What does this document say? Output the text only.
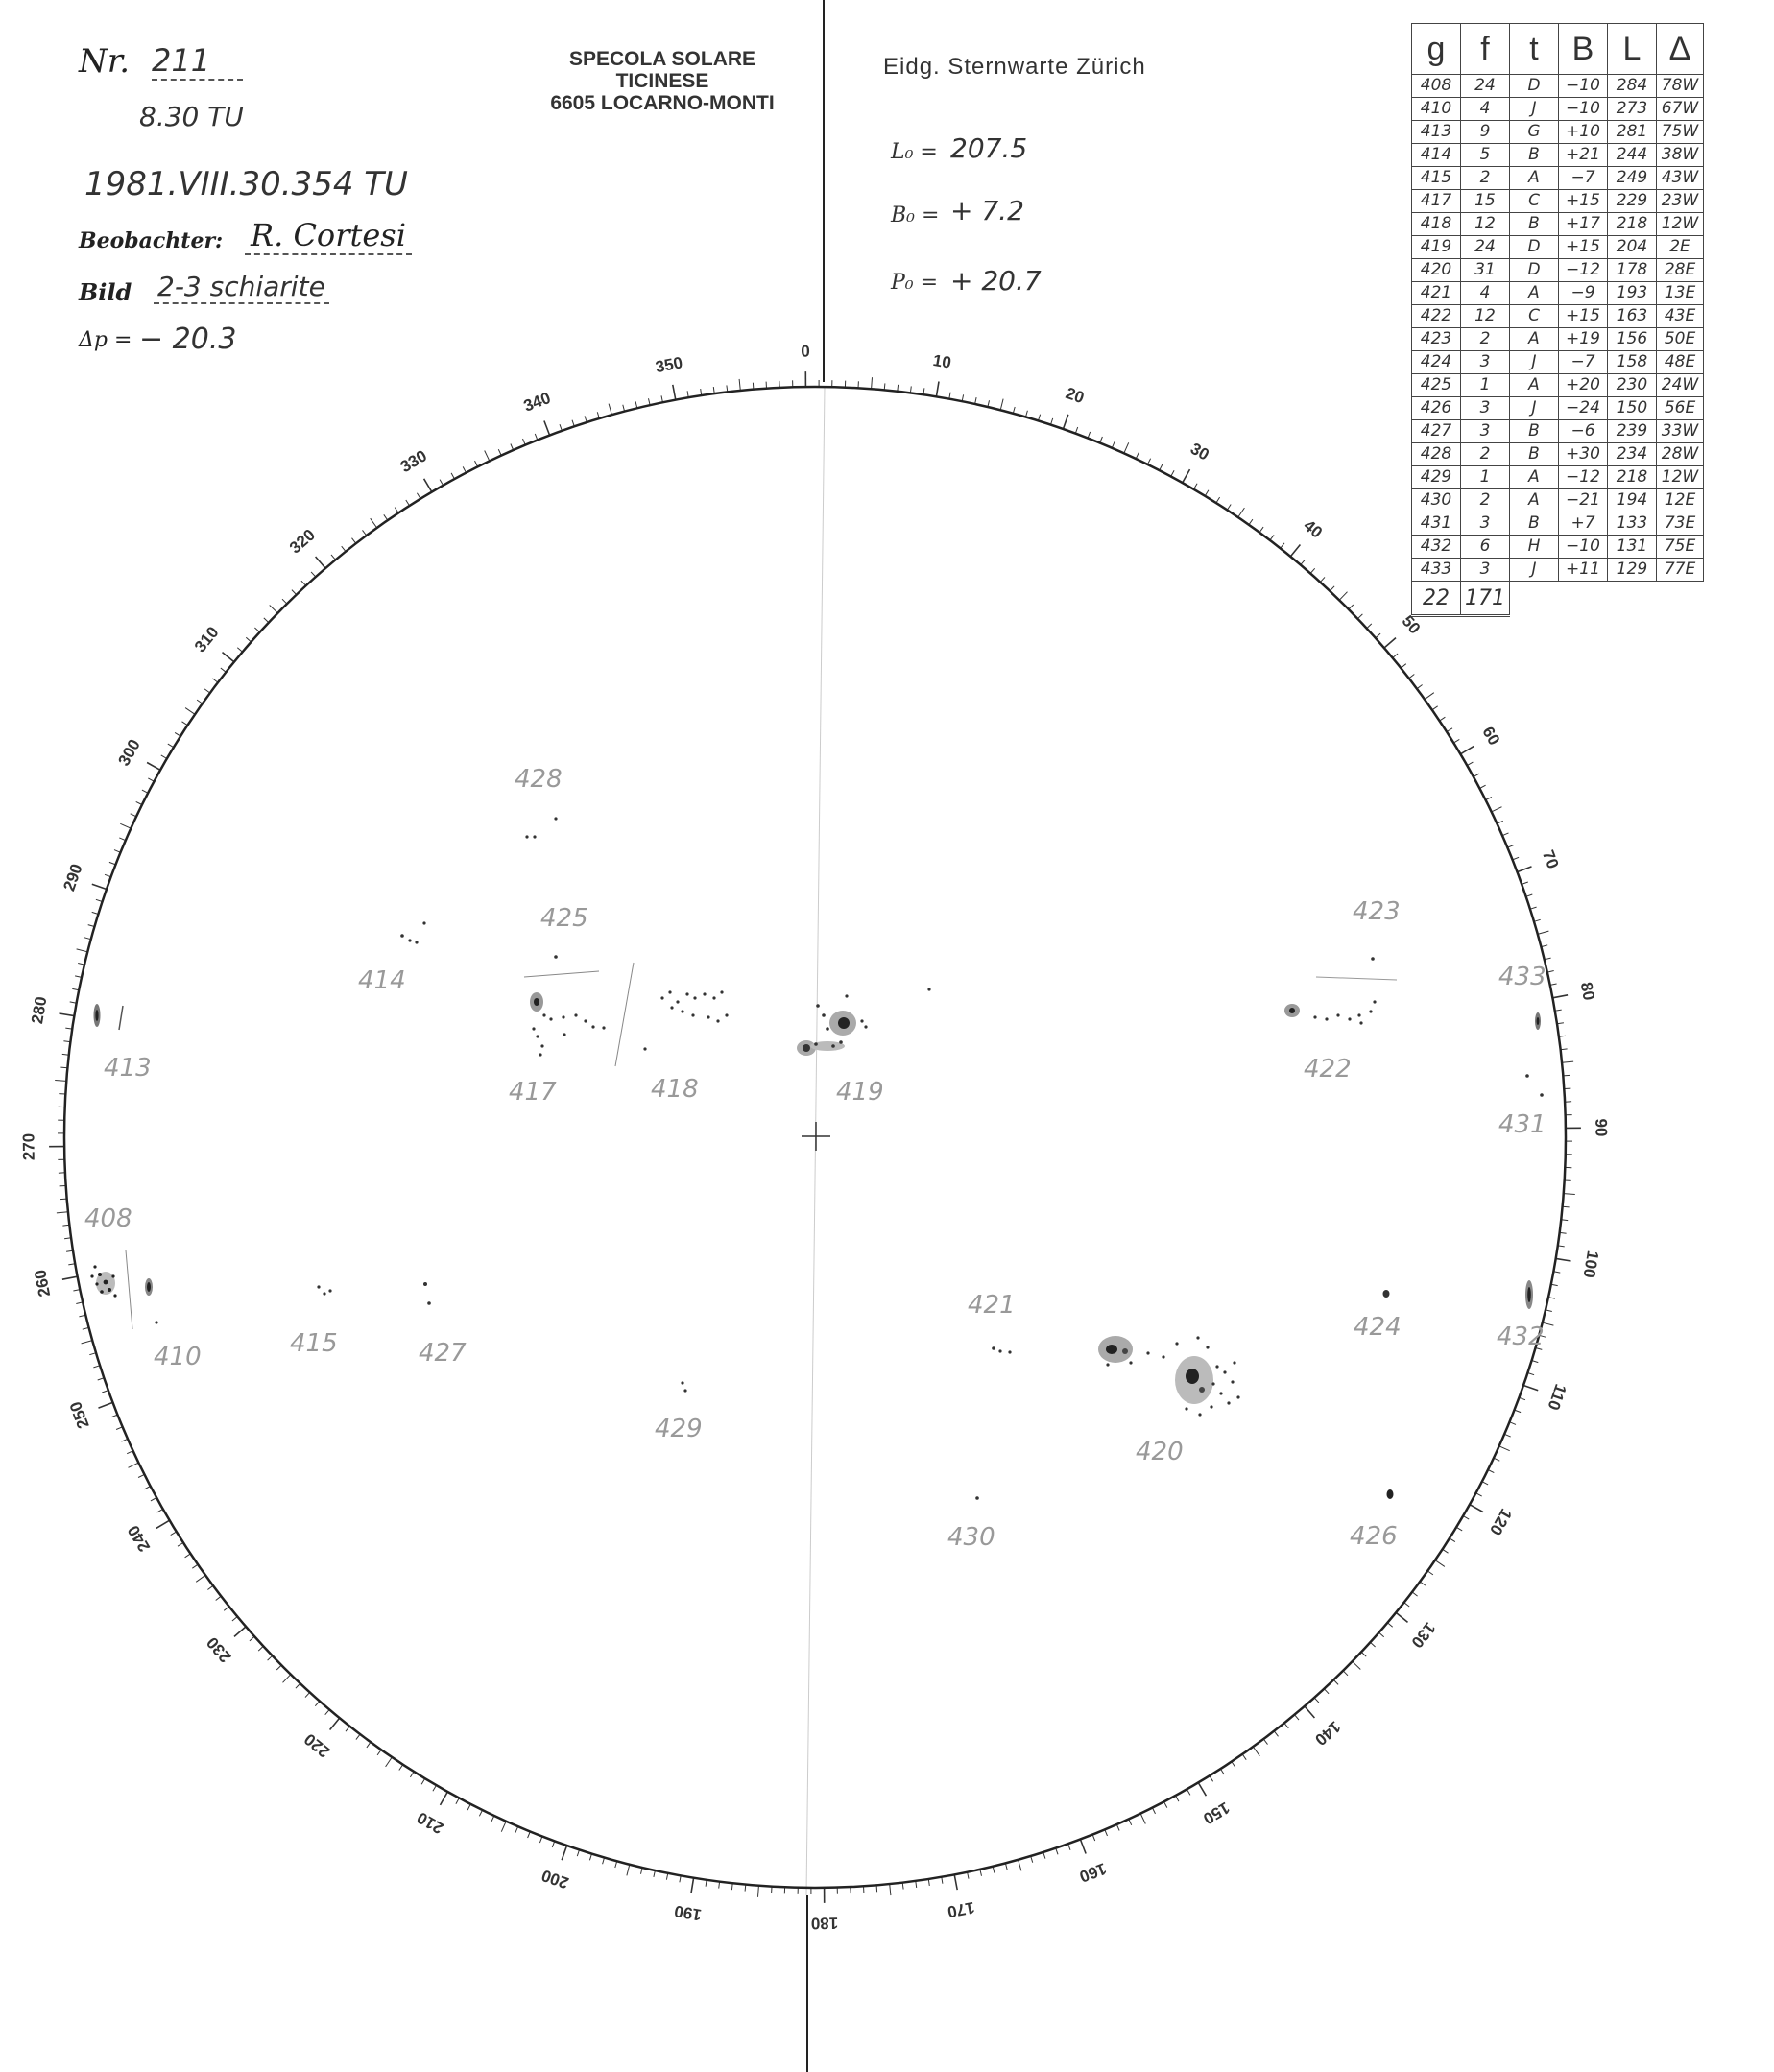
SPECOLA SOLARE
TICINESE
6605 LOCARNO-MONTI
Eidg. Sternwarte Zürich
Nr. 211
8.30 TU
1981.VIII.30.354 TU
Beobachter: R. Cortesi
Bild 2-3 schiarite
Δp = − 20.3
L₀ = 207.5
B₀ = + 7.2
P₀ = + 20.7
0	10
20
30
40
50
60
70
80
90
100
110
120
130
140
150
160
170
180
190
200
210
220
230
240
250
260
270
280
290
300
310
320
330
340
350
428
425
414
413
417	418	419
423
433
422
431
408
410	415	427
429
421
420
424	432
430	426
g	f	t	B	L	Δ
408	24	D	−10	284	78W
410	4	J	−10	273	67W
413	9	G	+10	281	75W
414	5	B	+21	244	38W
415	2	A	−7	249	43W
417	15	C	+15	229	23W
418	12	B	+17	218	12W
419	24	D	+15	204	2E
420	31	D	−12	178	28E
421	4	A	−9	193	13E
422	12	C	+15	163	43E
423	2	A	+19	156	50E
424	3	J	−7	158	48E
425	1	A	+20	230	24W
426	3	J	−24	150	56E
427	3	B	−6	239	33W
428	2	B	+30	234	28W
429	1	A	−12	218	12W
430	2	A	−21	194	12E
431	3	B	+7	133	73E
432	6	H	−10	131	75E
433	3	J	+11	129	77E
22	171				
